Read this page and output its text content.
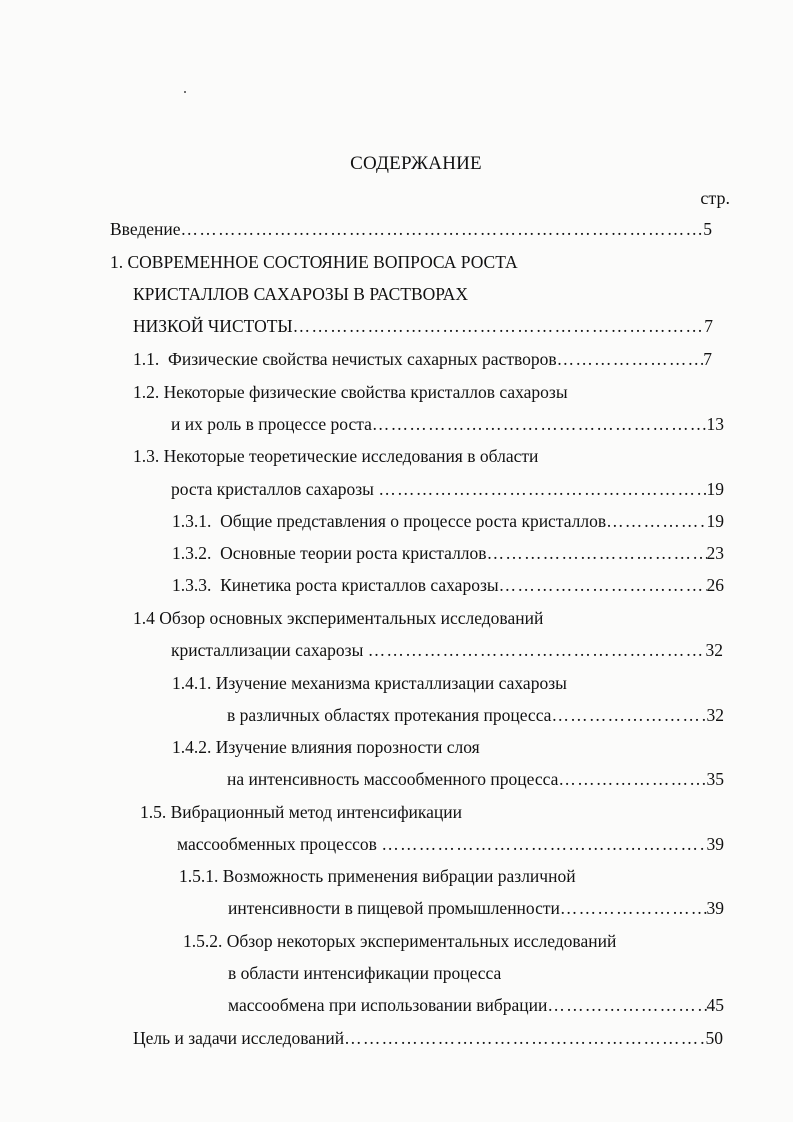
СОДЕРЖАНИЕ
стр.
Введение …………………………………………………………………………………………………………………………	5
1. СОВРЕМЕННОЕ СОСТОЯНИЕ ВОПРОСА РОСТА
КРИСТАЛЛОВ САХАРОЗЫ В РАСТВОРАХ
НИЗКОЙ ЧИСТОТЫ …………………………………………………………………………………………………………………………	7
1.1.  Физические свойства нечистых сахарных растворов …………………………………………………………………………………………………………………………	7
1.2. Некоторые физические свойства кристаллов сахарозы
и их роль в процессе роста …………………………………………………………………………………………………………………………	13
1.3. Некоторые теоретические исследования в области
роста кристаллов сахарозы …………………………………………………………………………………………………………………………	19
1.3.1.  Общие представления о процессе роста кристаллов …………………………………………………………………………………………………………………………	19
1.3.2.  Основные теории роста кристаллов …………………………………………………………………………………………………………………………	23
1.3.3.  Кинетика роста кристаллов сахарозы …………………………………………………………………………………………………………………………	26
1.4 Обзор основных экспериментальных исследований
кристаллизации сахарозы …………………………………………………………………………………………………………………………	32
1.4.1. Изучение механизма кристаллизации сахарозы
в различных областях протекания процесса …………………………………………………………………………………………………………………………	32
1.4.2. Изучение влияния порозности слоя
на интенсивность массообменного процесса …………………………………………………………………………………………………………………………	35
1.5. Вибрационный метод интенсификации
массообменных процессов …………………………………………………………………………………………………………………………	39
1.5.1. Возможность применения вибрации различной
интенсивности в пищевой промышленности …………………………………………………………………………………………………………………………	39
1.5.2. Обзор некоторых экспериментальных исследований
в области интенсификации процесса
массообмена при использовании вибрации …………………………………………………………………………………………………………………………	45
Цель и задачи исследований …………………………………………………………………………………………………………………………	50
